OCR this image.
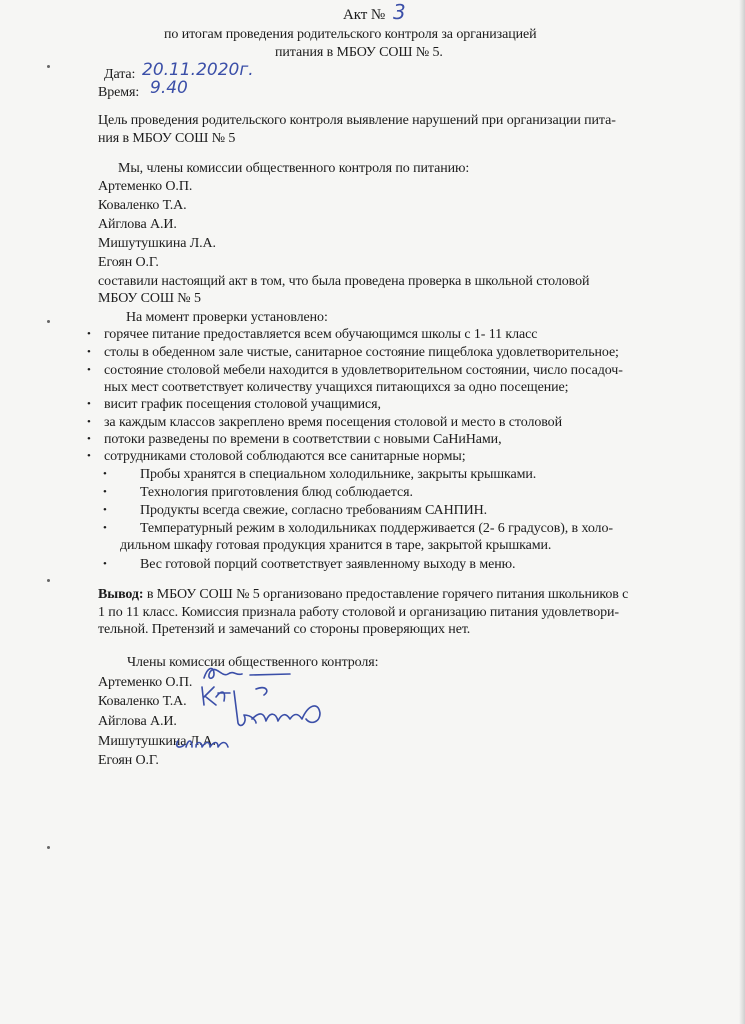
Акт № 3
по итогам проведения родительского контроля за организацией
питания в МБОУ СОШ № 5.
Дата: 20.11.2020г.
Время: 9.40
Цель проведения родительского контроля выявление нарушений при организации пита-
ния в МБОУ СОШ № 5
Мы, члены комиссии общественного контроля по питанию:
Артеменко О.П.
Коваленко Т.А.
Айглова А.И.
Мишутушкина Л.А.
Егоян О.Г.
составили настоящий акт в том, что была проведена проверка в школьной столовой
МБОУ СОШ № 5
На момент проверки установлено:
• горячее питание предоставляется всем обучающимся школы с 1- 11 класс
• столы в обеденном зале чистые, санитарное состояние пищеблока удовлетворительное;
• состояние столовой мебели находится в удовлетворительном состоянии, число посадоч-
ных мест соответствует количеству учащихся питающихся за одно посещение;
• висит график посещения столовой учащимися,
• за каждым классов закреплено время посещения столовой и место в столовой
• потоки разведены по времени в соответствии с новыми СаНиНами,
• сотрудниками столовой соблюдаются все санитарные нормы;
• Пробы хранятся в специальном холодильнике, закрыты крышками.
• Технология приготовления блюд соблюдается.
• Продукты всегда свежие, согласно требованиям САНПИН.
• Температурный режим в холодильниках поддерживается (2- 6 градусов), в холо-
дильном шкафу готовая продукция хранится в таре, закрытой крышками.
• Вес готовой порций соответствует заявленному выходу в меню.
Вывод: в МБОУ СОШ № 5 организовано предоставление горячего питания школьников с
1 по 11 класс. Комиссия признала работу столовой и организацию питания удовлетвори-
тельной. Претензий и замечаний со стороны проверяющих нет.
Члены комиссии общественного контроля:
Артеменко О.П.
Коваленко Т.А.
Айглова А.И.
Мишутушкина Л.А.
Егоян О.Г.
